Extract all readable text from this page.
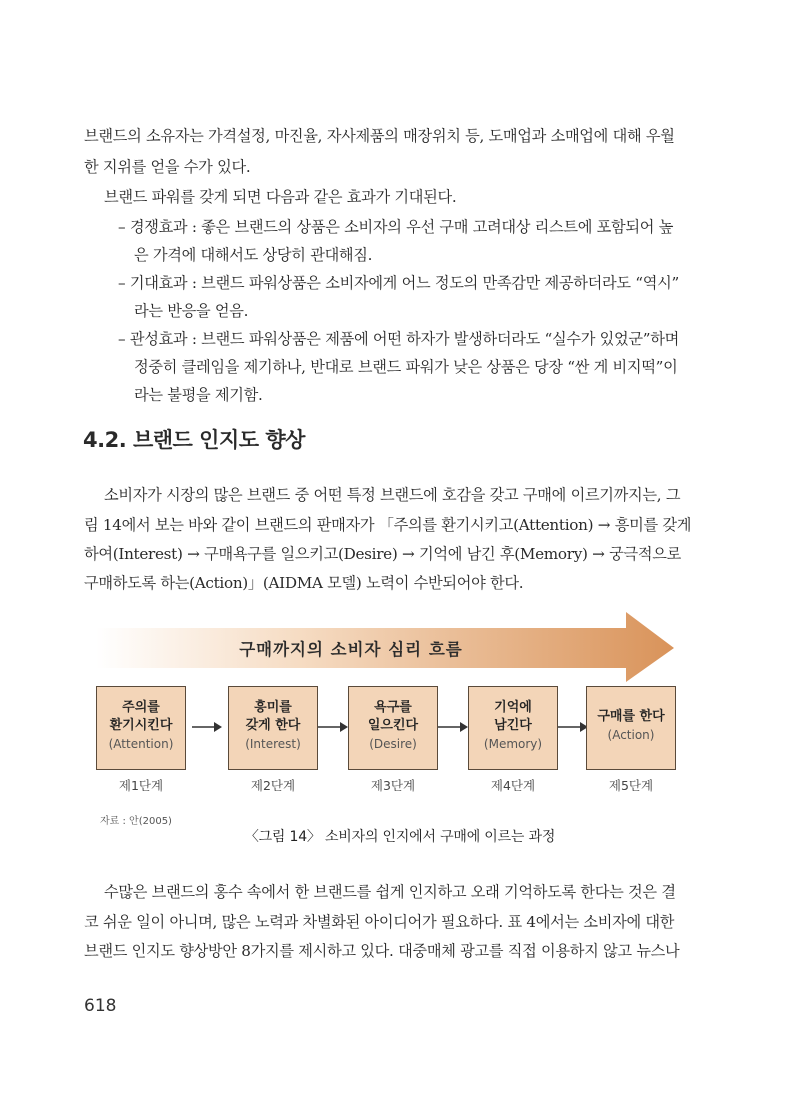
브랜드의 소유자는 가격설정, 마진율, 자사제품의 매장위치 등, 도매업과 소매업에 대해 우월
한 지위를 얻을 수가 있다.
브랜드 파워를 갖게 되면 다음과 같은 효과가 기대된다.
– 경쟁효과 : 좋은 브랜드의 상품은 소비자의 우선 구매 고려대상 리스트에 포함되어 높
은 가격에 대해서도 상당히 관대해짐.
– 기대효과 : 브랜드 파워상품은 소비자에게 어느 정도의 만족감만 제공하더라도 “역시”
라는 반응을 얻음.
– 관성효과 : 브랜드 파워상품은 제품에 어떤 하자가 발생하더라도 “실수가 있었군”하며
정중히 클레임을 제기하나, 반대로 브랜드 파워가 낮은 상품은 당장 “싼 게 비지떡”이
라는 불평을 제기함.
4.2. 브랜드 인지도 향상
소비자가 시장의 많은 브랜드 중 어떤 특정 브랜드에 호감을 갖고 구매에 이르기까지는, 그
림 14에서 보는 바와 같이 브랜드의 판매자가 「주의를 환기시키고(Attention) → 흥미를 갖게
하여(Interest) → 구매욕구를 일으키고(Desire) → 기억에 남긴 후(Memory) → 궁극적으로
구매하도록 하는(Action)」(AIDMA 모델) 노력이 수반되어야 한다.
구매까지의 소비자 심리 흐름
주의를
환기시킨다
(Attention)
제1단계
흥미를
갖게 한다
(Interest)
제2단계
욕구를
일으킨다
(Desire)
제3단계
기억에
남긴다
(Memory)
제4단계
구매를 한다
(Action)
제5단계
자료 : 안(2005)
〈그림 14〉 소비자의 인지에서 구매에 이르는 과정
수많은 브랜드의 홍수 속에서 한 브랜드를 쉽게 인지하고 오래 기억하도록 한다는 것은 결
코 쉬운 일이 아니며, 많은 노력과 차별화된 아이디어가 필요하다. 표 4에서는 소비자에 대한
브랜드 인지도 향상방안 8가지를 제시하고 있다. 대중매체 광고를 직접 이용하지 않고 뉴스나
618
